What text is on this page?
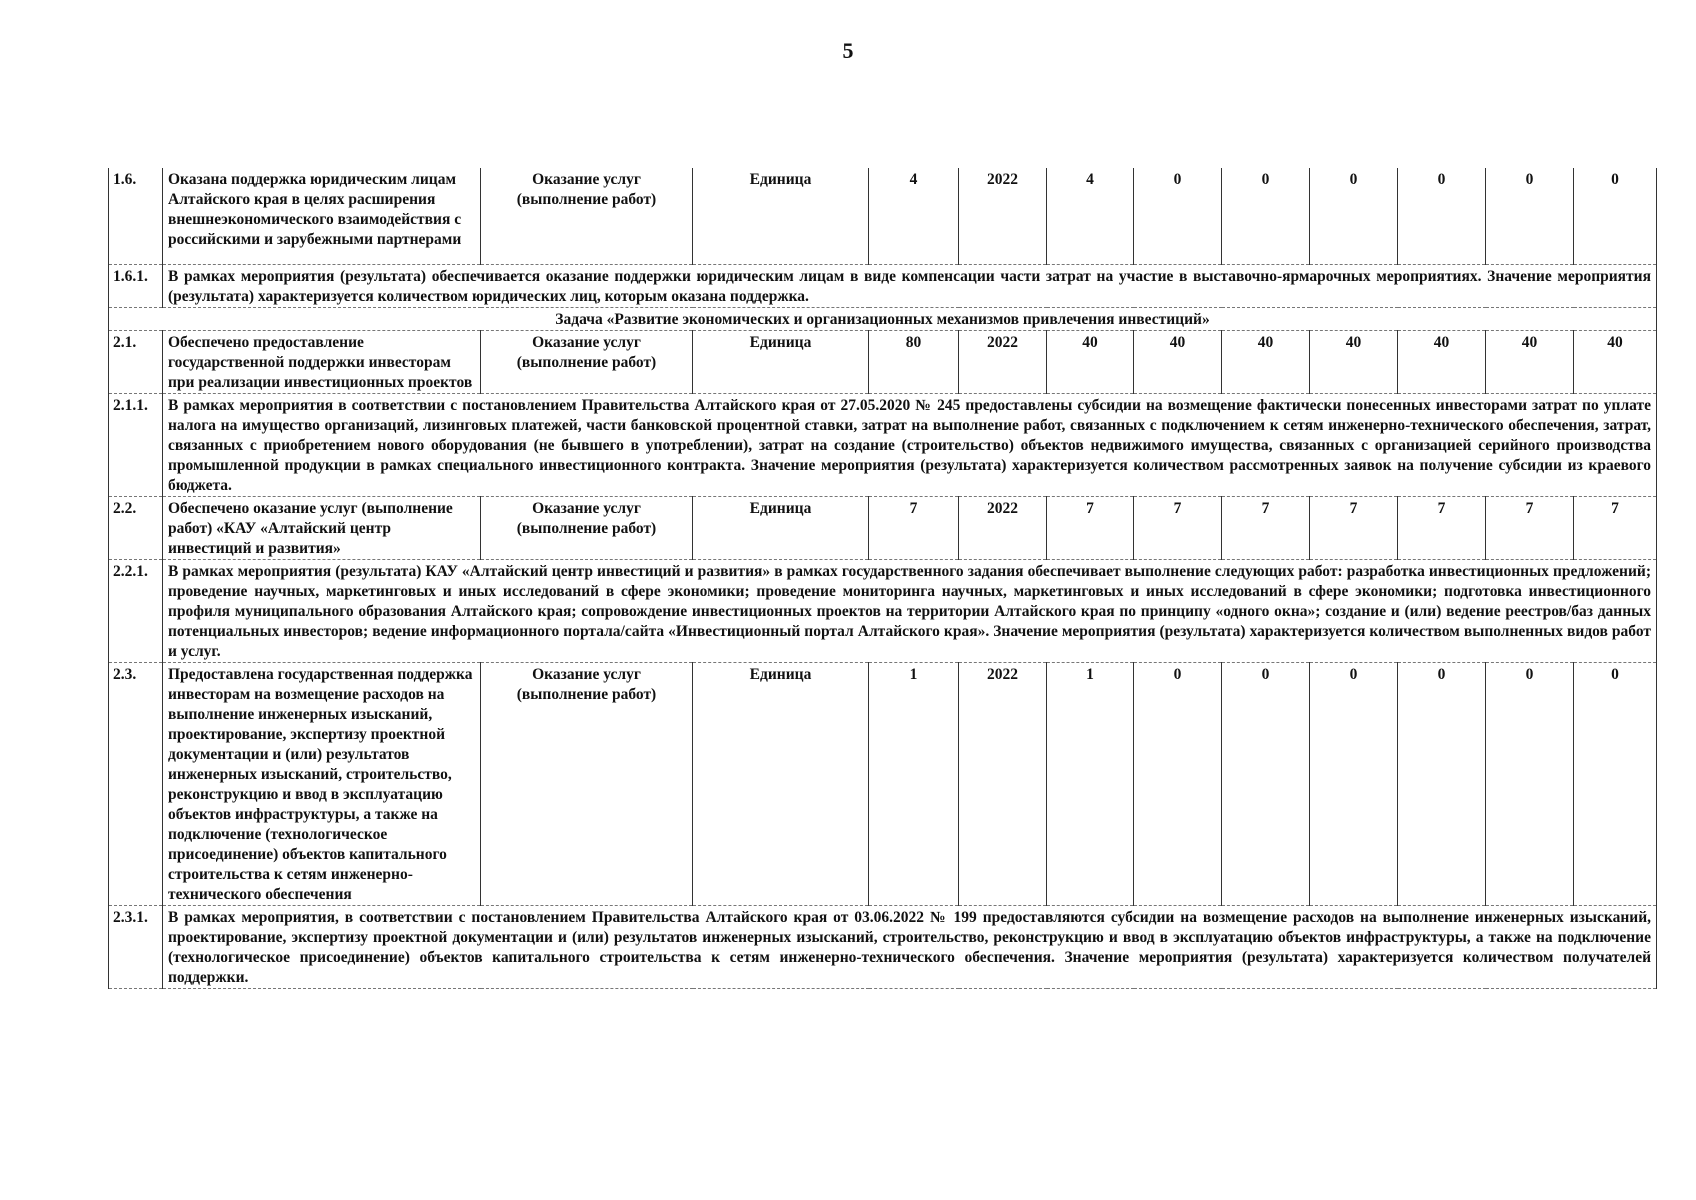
5
1.6.	Оказана поддержка юридическим лицам Алтайского края в целях расширения внешнеэкономического взаимодействия с российскими и зарубежными партнерами	Оказание услуг (выполнение работ)	Единица	4	2022	4	0	0	0	0	0	0
1.6.1.	В рамках мероприятия (результата) обеспечивается оказание поддержки юридическим лицам в виде компенсации части затрат на участие в выставочно-ярмарочных мероприятиях. Значение мероприятия (результата) характеризуется количеством юридических лиц, которым оказана поддержка.											
Задача «Развитие экономических и организационных механизмов привлечения инвестиций»												
2.1.	Обеспечено предоставление государственной поддержки инвесторам при реализации инвестиционных проектов	Оказание услуг (выполнение работ)	Единица	80	2022	40	40	40	40	40	40	40
2.1.1.	В рамках мероприятия в соответствии с постановлением Правительства Алтайского края от 27.05.2020 № 245 предоставлены субсидии на возмещение фактически понесенных инвесторами затрат по уплате налога на имущество организаций, лизинговых платежей, части банковской процентной ставки, затрат на выполнение работ, связанных с подключением к сетям инженерно-технического обеспечения, затрат, связанных с приобретением нового оборудования (не бывшего в употреблении), затрат на создание (строительство) объектов недвижимого имущества, связанных с организацией серийного производства промышленной продукции в рамках специального инвестиционного контракта. Значение мероприятия (результата) характеризуется количеством рассмотренных заявок на получение субсидии из краевого бюджета.											
2.2.	Обеспечено оказание услуг (выполнение работ) «КАУ «Алтайский центр инвестиций и развития»	Оказание услуг (выполнение работ)	Единица	7	2022	7	7	7	7	7	7	7
2.2.1.	В рамках мероприятия (результата) КАУ «Алтайский центр инвестиций и развития» в рамках государственного задания обеспечивает выполнение следующих работ: разработка инвестиционных предложений; проведение научных, маркетинговых и иных исследований в сфере экономики; проведение мониторинга научных, маркетинговых и иных исследований в сфере экономики; подготовка инвестиционного профиля муниципального образования Алтайского края; сопровождение инвестиционных проектов на территории Алтайского края по принципу «одного окна»; создание и (или) ведение реестров/баз данных потенциальных инвесторов; ведение информационного портала/сайта «Инвестиционный портал Алтайского края». Значение мероприятия (результата) характеризуется количеством выполненных видов работ и услуг.											
2.3.	Предоставлена государственная поддержка инвесторам на возмещение расходов на выполнение инженерных изысканий, проектирование, экспертизу проектной документации и (или) результатов инженерных изысканий, строительство, реконструкцию и ввод в эксплуатацию объектов инфраструктуры, а также на подключение (технологическое присоединение) объектов капитального строительства к сетям инженерно-технического обеспечения	Оказание услуг (выполнение работ)	Единица	1	2022	1	0	0	0	0	0	0
2.3.1.	В рамках мероприятия, в соответствии с постановлением Правительства Алтайского края от 03.06.2022 № 199 предоставляются субсидии на возмещение расходов на выполнение инженерных изысканий, проектирование, экспертизу проектной документации и (или) результатов инженерных изысканий, строительство, реконструкцию и ввод в эксплуатацию объектов инфраструктуры, а также на подключение (технологическое присоединение) объектов капитального строительства к сетям инженерно-технического обеспечения. Значение мероприятия (результата) характеризуется количеством получателей поддержки.											
